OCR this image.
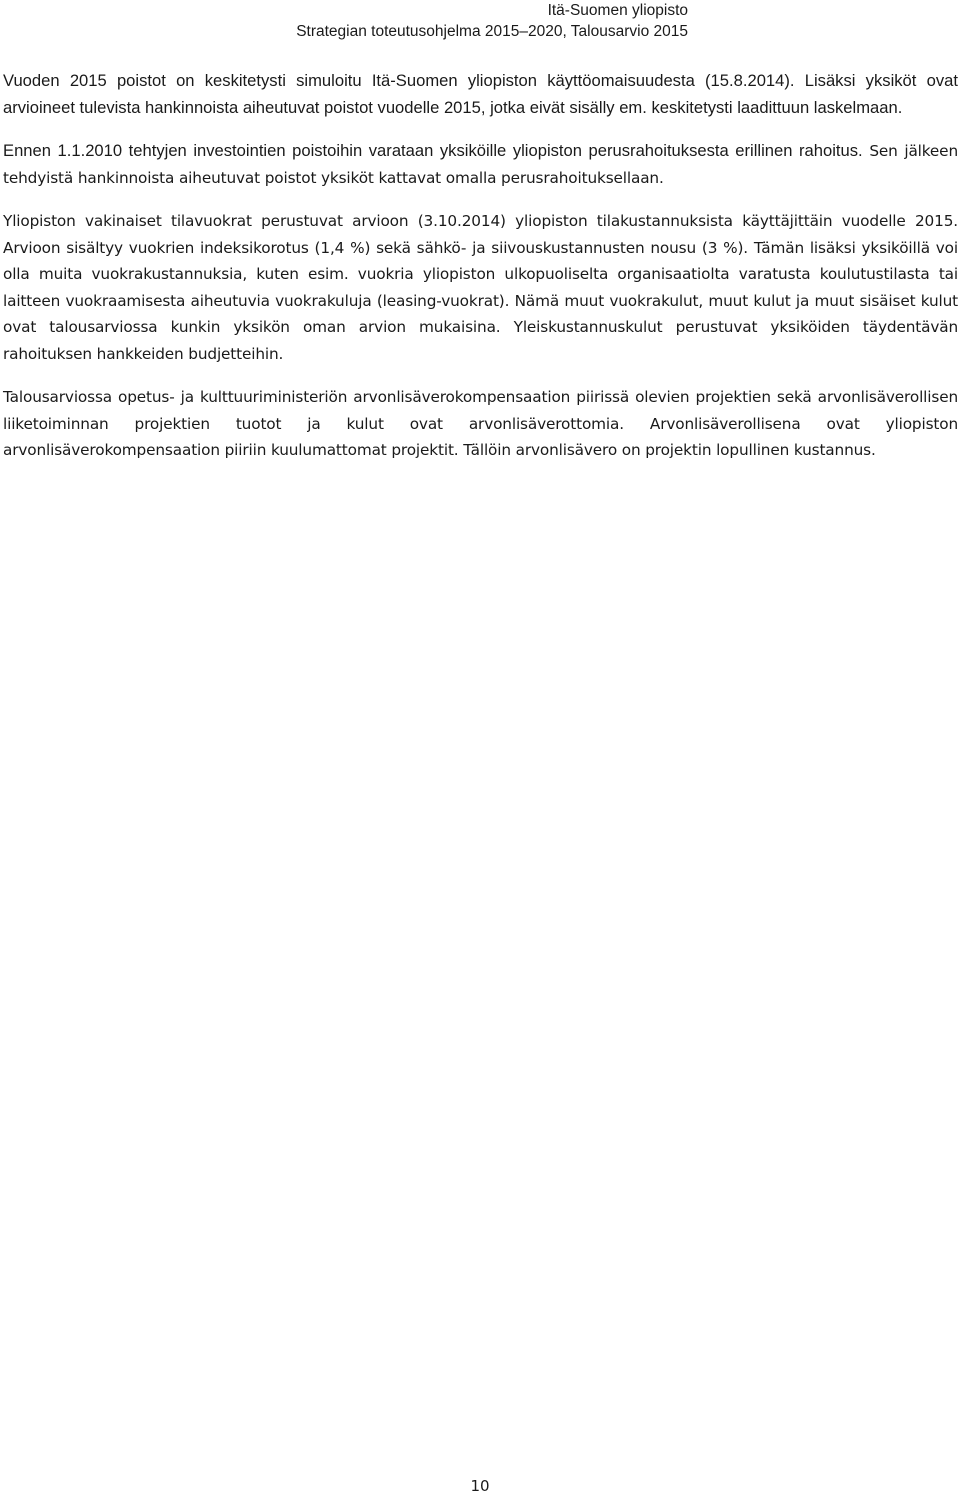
Itä-Suomen yliopisto
Strategian toteutusohjelma 2015–2020, Talousarvio 2015

Vuoden 2015 poistot on keskitetysti simuloitu Itä-Suomen yliopiston käyttöomaisuudesta (15.8.2014). Lisäksi yksiköt ovat arvioineet tulevista hankinnoista aiheutuvat poistot vuodelle 2015, jotka eivät sisälly em. keskitetysti laadittuun laskelmaan.

Ennen 1.1.2010 tehtyjen investointien poistoihin varataan yksiköille yliopiston perusrahoituksesta erillinen rahoitus. Sen jälkeen tehdyistä hankinnoista aiheutuvat poistot yksiköt kattavat omalla perusrahoituksellaan.

Yliopiston vakinaiset tilavuokrat perustuvat arvioon (3.10.2014) yliopiston tilakustannuksista käyttäjittäin vuodelle 2015. Arvioon sisältyy vuokrien indeksikorotus (1,4 %) sekä sähkö- ja siivouskustannusten nousu (3 %). Tämän lisäksi yksiköillä voi olla muita vuokrakustannuksia, kuten esim. vuokria yliopiston ulkopuoliselta organisaatiolta varatusta koulutustilasta tai laitteen vuokraamisesta aiheutuvia vuokrakuluja (leasing-vuokrat). Nämä muut vuokrakulut, muut kulut ja muut sisäiset kulut ovat talousarviossa kunkin yksikön oman arvion mukaisina. Yleiskustannuskulut perustuvat yksiköiden täydentävän rahoituksen hankkeiden budjetteihin.

Talousarviossa opetus- ja kulttuuriministeriön arvonlisäverokompensaation piirissä olevien projektien sekä arvonlisäverollisen liiketoiminnan projektien tuotot ja kulut ovat arvonlisäverottomia. Arvonlisäverollisena ovat yliopiston arvonlisäverokompensaation piiriin kuulumattomat projektit. Tällöin arvonlisävero on projektin lopullinen kustannus.

10
